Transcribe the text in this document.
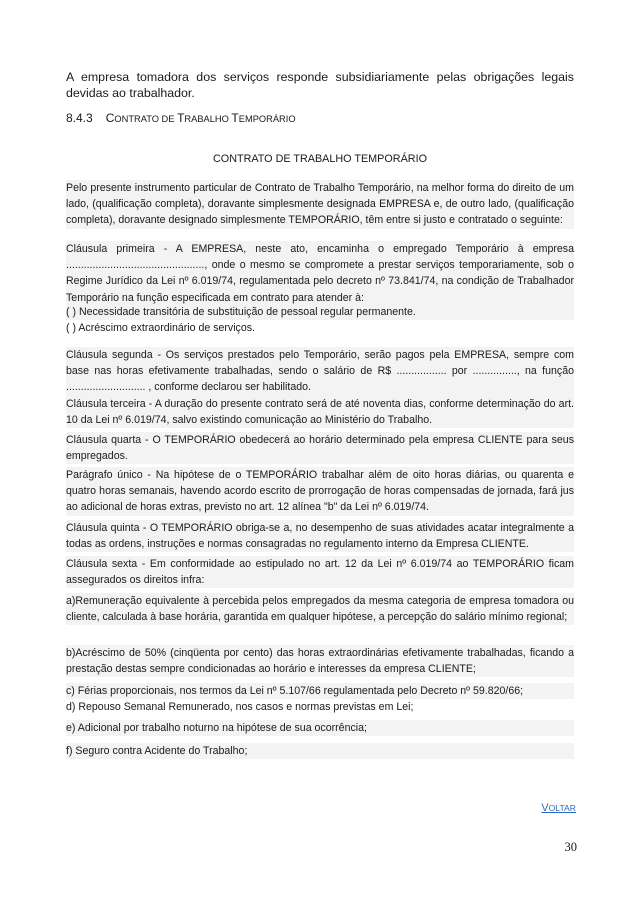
A empresa tomadora dos serviços responde subsidiariamente pelas obrigações legais devidas ao trabalhador.
8.4.3 CONTRATO DE TRABALHO TEMPORÁRIO
CONTRATO DE TRABALHO TEMPORÁRIO

Pelo presente instrumento particular de Contrato de Trabalho Temporário, na melhor forma do direito de um lado, (qualificação completa), doravante simplesmente designada EMPRESA e, de outro lado, (qualificação completa), doravante designado simplesmente TEMPORÁRIO, têm entre si justo e contratado o seguinte:

Cláusula primeira - A EMPRESA, neste ato, encaminha o empregado Temporário à empresa ..............................................., onde o mesmo se compromete a prestar serviços temporariamente, sob o Regime Jurídico da Lei nº 6.019/74, regulamentada pelo decreto nº 73.841/74, na condição de Trabalhador Temporário na função especificada em contrato para atender à:

( ) Necessidade transitória de substituição de pessoal regular permanente.

( ) Acréscimo extraordinário de serviços.

Cláusula segunda - Os serviços prestados pelo Temporário, serão pagos pela EMPRESA, sempre com base nas horas efetivamente trabalhadas, sendo o salário de R$ ................. por ..............., na função ........................... , conforme declarou ser habilitado.

Cláusula terceira - A duração do presente contrato será de até noventa dias, conforme determinação do art. 10 da Lei nº 6.019/74, salvo existindo comunicação ao Ministério do Trabalho.

Cláusula quarta - O TEMPORÁRIO obedecerá ao horário determinado pela empresa CLIENTE para seus empregados.

Parágrafo único - Na hipótese de o TEMPORÁRIO trabalhar além de oito horas diárias, ou quarenta e quatro horas semanais, havendo acordo escrito de prorrogação de horas compensadas de jornada, fará jus ao adicional de horas extras, previsto no art. 12 alínea "b" da Lei nº 6.019/74.

Cláusula quinta - O TEMPORÁRIO obriga-se a, no desempenho de suas atividades acatar integralmente a todas as ordens, instruções e normas consagradas no regulamento interno da Empresa CLIENTE.

Cláusula sexta - Em conformidade ao estipulado no art. 12 da Lei nº 6.019/74 ao TEMPORÁRIO ficam assegurados os direitos infra:

a)Remuneração equivalente à percebida pelos empregados da mesma categoria de empresa tomadora ou cliente, calculada à base horária, garantida em qualquer hipótese, a percepção do salário mínimo regional;

b)Acréscimo de 50% (cinqüenta por cento) das horas extraordinárias efetivamente trabalhadas, ficando a prestação destas sempre condicionadas ao horário e interesses da empresa CLIENTE;

c) Férias proporcionais, nos termos da Lei nº 5.107/66 regulamentada pelo Decreto nº 59.820/66;

d) Repouso Semanal Remunerado, nos casos e normas previstas em Lei;

e) Adicional por trabalho noturno na hipótese de sua ocorrência;

f) Seguro contra Acidente do Trabalho;

VOLTAR
30
